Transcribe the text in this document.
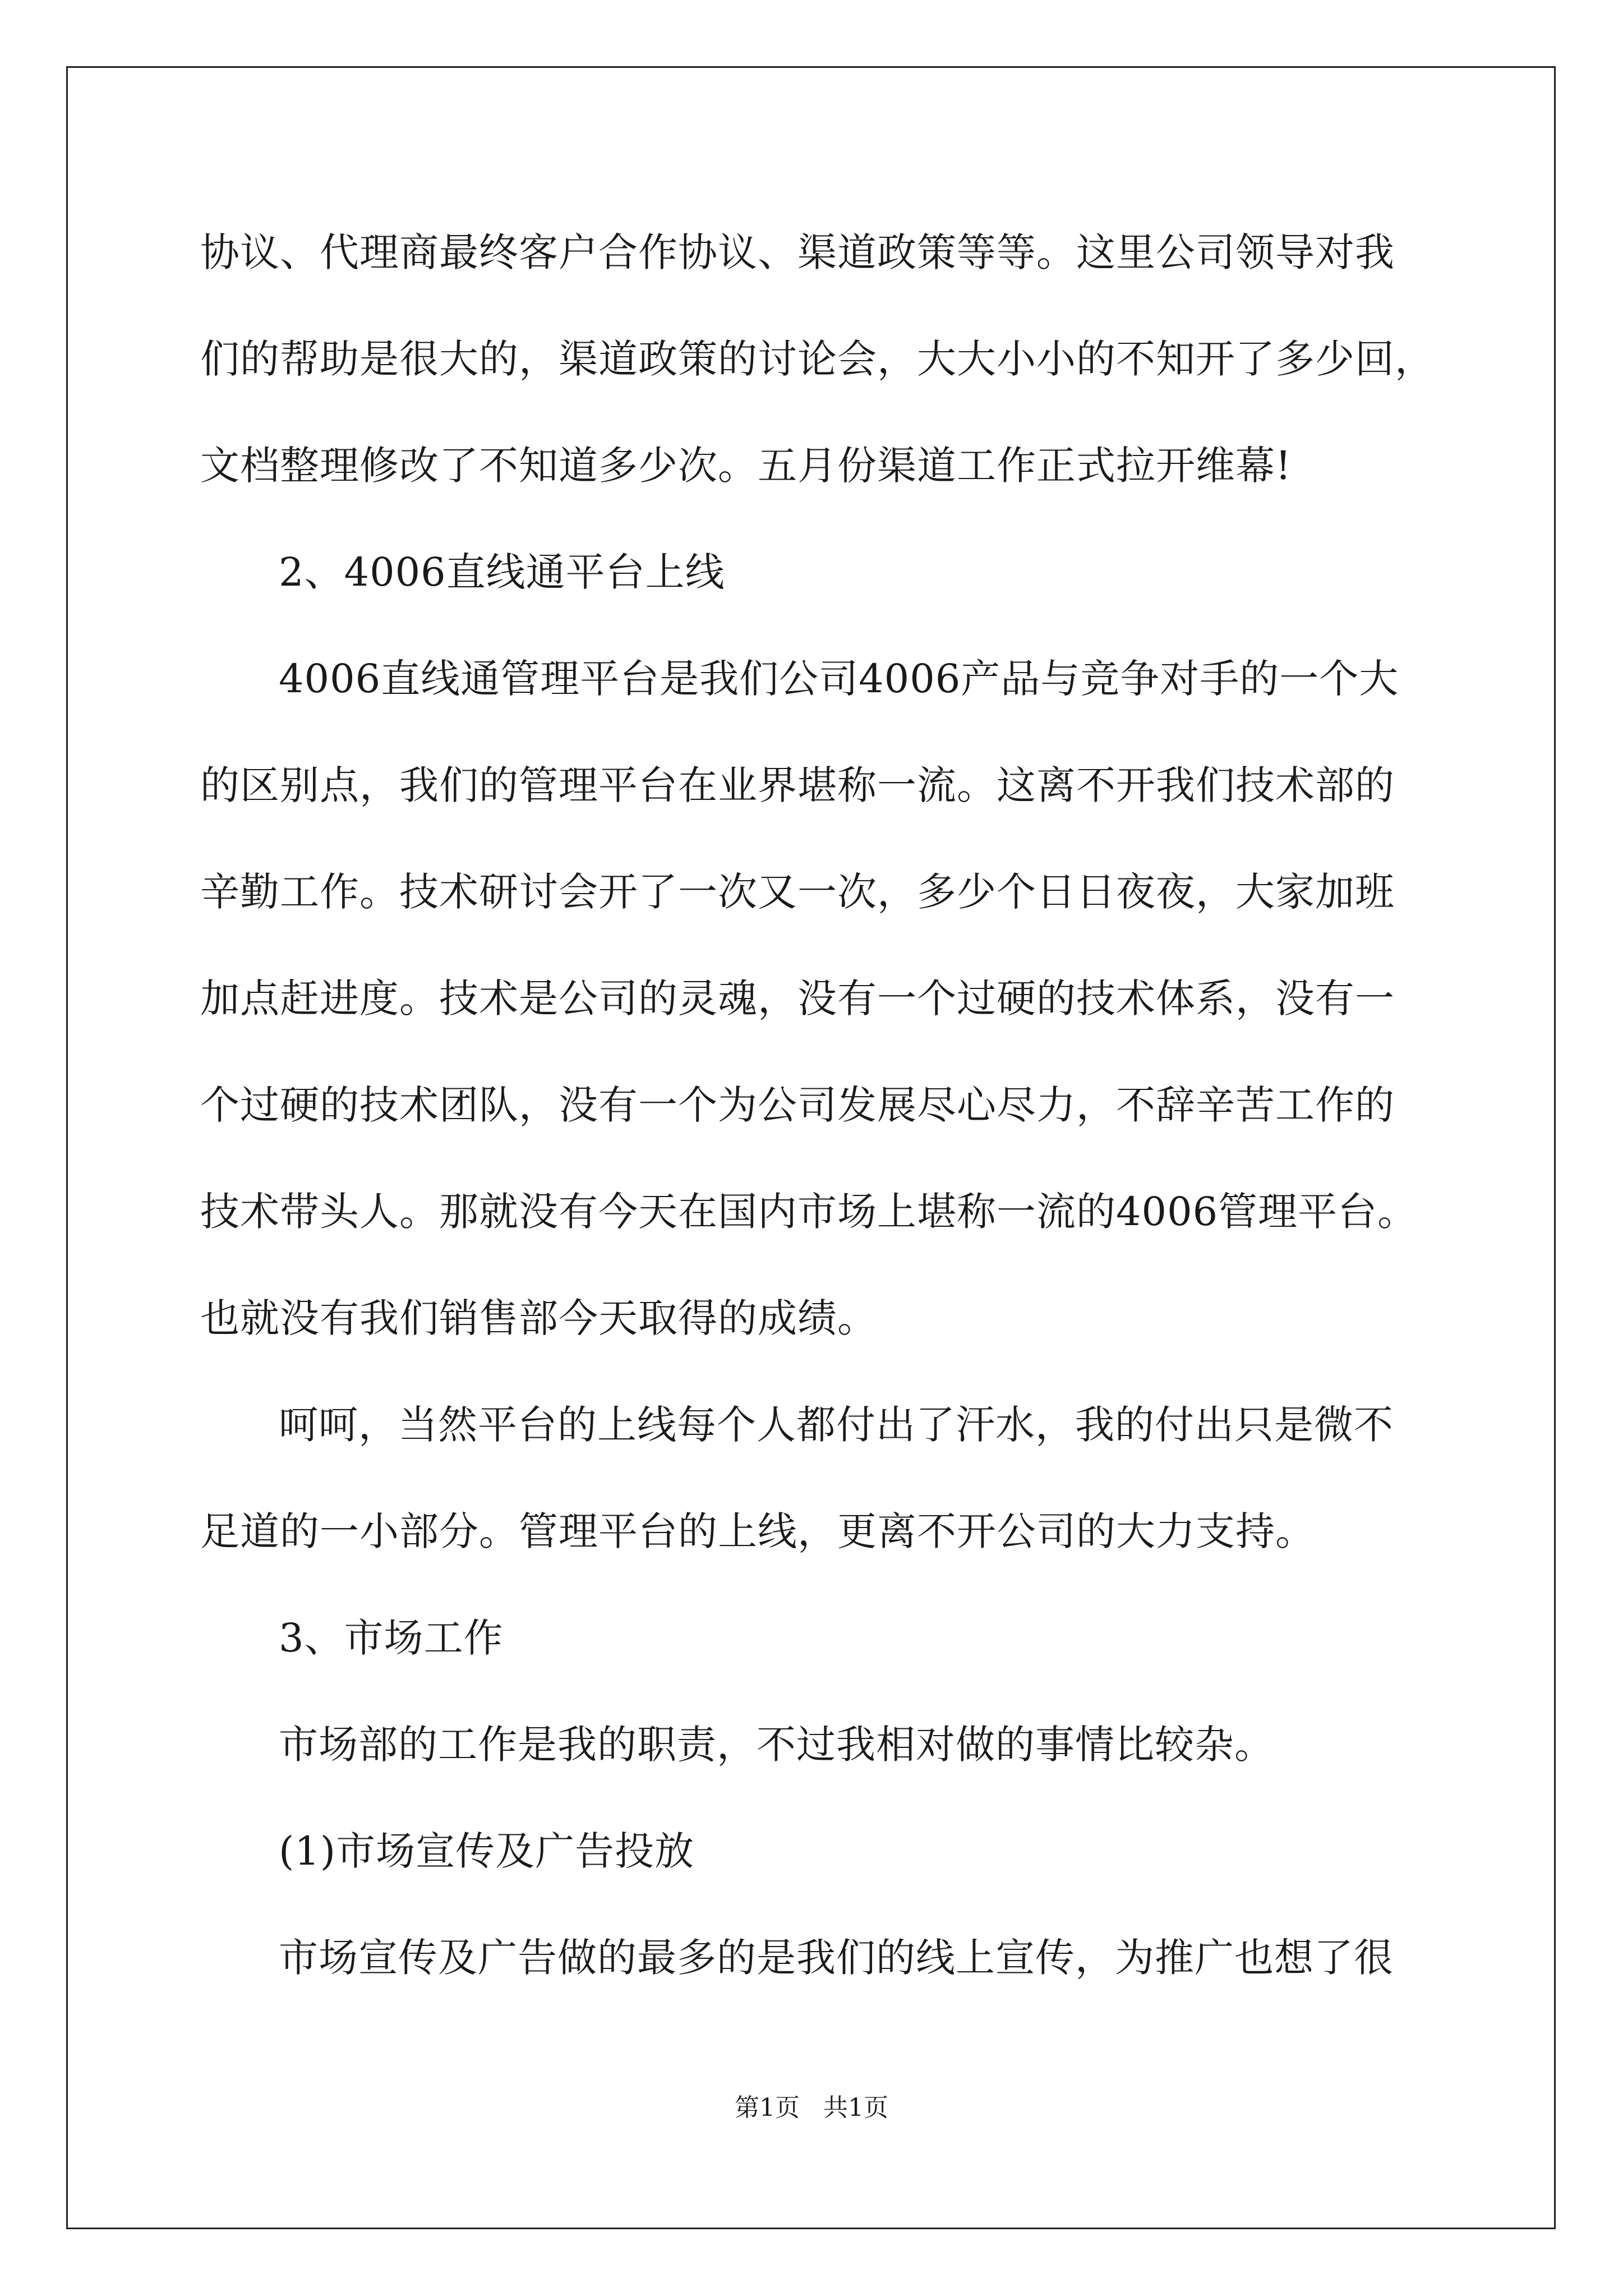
协议、代理商最终客户合作协议、渠道政策等等。这里公司领导对我
们的帮助是很大的，渠道政策的讨论会，大大小小的不知开了多少回，
文档整理修改了不知道多少次。五月份渠道工作正式拉开维幕!
2、4006直线通平台上线
4006直线通管理平台是我们公司4006产品与竞争对手的一个大
的区别点，我们的管理平台在业界堪称一流。这离不开我们技术部的
辛勤工作。技术研讨会开了一次又一次，多少个日日夜夜，大家加班
加点赶进度。技术是公司的灵魂，没有一个过硬的技术体系，没有一
个过硬的技术团队，没有一个为公司发展尽心尽力，不辞辛苦工作的
技术带头人。那就没有今天在国内市场上堪称一流的4006管理平台。
也就没有我们销售部今天取得的成绩。
呵呵，当然平台的上线每个人都付出了汗水，我的付出只是微不
足道的一小部分。管理平台的上线，更离不开公司的大力支持。
3、市场工作
市场部的工作是我的职责，不过我相对做的事情比较杂。
(1)市场宣传及广告投放
市场宣传及广告做的最多的是我们的线上宣传，为推广也想了很
第1页   共1页
